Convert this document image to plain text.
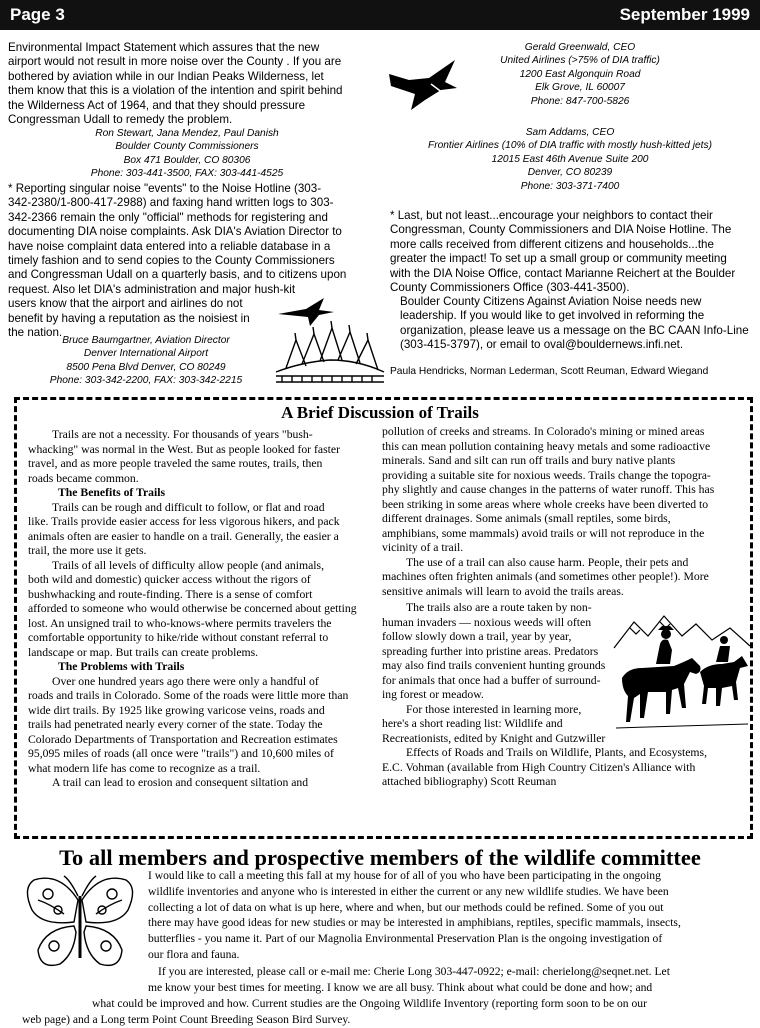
Page 3	September 1999

Environmental Impact Statement which assures that the new

airport would not result in more noise over the County . If you are

bothered by aviation while in our Indian Peaks Wilderness, let

them know that this is a violation of the intention and spirit behind

the Wilderness Act of 1964, and that they should pressure

Congressman Udall to remedy the problem.

Ron Stewart, Jana Mendez, Paul Danish

Boulder County Commissioners

Box 471 Boulder, CO 80306

Phone: 303-441-3500, FAX: 303-441-4525

* Reporting singular noise "events" to the Noise Hotline (303-

342-2380/1-800-417-2988) and faxing hand written logs to 303-

342-2366 remain the only "official" methods for registering and

documenting DIA noise complaints. Ask DIA's Aviation Director to

have noise complaint data entered into a reliable database in a

timely fashion and to send copies to the County Commissioners

and Congressman Udall on a quarterly basis, and to citizens upon

request. Also let DIA's administration and major hush-kit

users know that the airport and airlines do not

benefit by having a reputation as the noisiest in

the nation.

Bruce Baumgartner, Aviation Director

Denver International Airport

8500 Pena Blvd Denver, CO 80249

Phone: 303-342-2200, FAX: 303-342-2215

Gerald Greenwald, CEO

United Airlines (>75% of DIA traffic)

1200 East Algonquin Road

Elk Grove, IL 60007

Phone: 847-700-5826

Sam Addams, CEO

Frontier Airlines (10% of DIA traffic with mostly hush-kitted jets)

12015 East 46th Avenue Suite 200

Denver, CO 80239

Phone: 303-371-7400

* Last, but not least...encourage your neighbors to contact their

Congressman, County Commissioners and DIA Noise Hotline. The

more calls received from different citizens and households...the

greater the impact! To set up a small group or community meeting

with the DIA Noise Office, contact Marianne Reichert at the Boulder

County Commissioners Office (303-441-3500).

Boulder County Citizens Against Aviation Noise needs new

leadership. If you would like to get involved in reforming the

organization, please leave us a message on the BC CAAN Info-Line

(303-415-3797), or email to oval@bouldernews.infi.net.

Paula Hendricks, Norman Lederman, Scott Reuman, Edward Wiegand

A Brief Discussion of Trails

Trails are not a necessity. For thousands of years "bush-

whacking" was normal in the West. But as people looked for faster

travel, and as more people traveled the same routes, trails, then

roads became common.

The Benefits of Trails

Trails can be rough and difficult to follow, or flat and road

like. Trails provide easier access for less vigorous hikers, and pack

animals often are easier to handle on a trail. Generally, the easier a

trail, the more use it gets.

Trails of all levels of difficulty allow people (and animals,

both wild and domestic) quicker access without the rigors of

bushwhacking and route-finding. There is a sense of comfort

afforded to someone who would otherwise be concerned about getting

lost. An unsigned trail to who-knows-where permits travelers the

comfortable opportunity to hike/ride without constant referral to

landscape or map. But trails can create problems.

The Problems with Trails

Over one hundred years ago there were only a handful of

roads and trails in Colorado. Some of the roads were little more than

wide dirt trails. By 1925 like growing varicose veins, roads and

trails had penetrated nearly every corner of the state. Today the

Colorado Departments of Transportation and Recreation estimates

95,095 miles of roads (all once were "trails") and 10,600 miles of

what modern life has come to recognize as a trail.

A trail can lead to erosion and consequent siltation and

pollution of creeks and streams. In Colorado's mining or mined areas

this can mean pollution containing heavy metals and some radioactive

minerals. Sand and silt can run off trails and bury native plants

providing a suitable site for noxious weeds. Trails change the topogra-

phy slightly and cause changes in the patterns of water runoff. This has

been striking in some areas where whole creeks have been diverted to

different drainages. Some animals (small reptiles, some birds,

amphibians, some mammals) avoid trails or will not reproduce in the

vicinity of a trail.

The use of a trail can also cause harm. People, their pets and

machines often frighten animals (and sometimes other people!). More

sensitive animals will learn to avoid the trails areas.

The trails also are a route taken by non-

human invaders — noxious weeds will often

follow slowly down a trail, year by year,

spreading further into pristine areas. Predators

may also find trails convenient hunting grounds

for animals that once had a buffer of surround-

ing forest or meadow.

For those interested in learning more,

here's a short reading list: Wildlife and

Recreationists, edited by Knight and Gutzwiller

Effects of Roads and Trails on Wildlife, Plants, and Ecosystems,

E.C. Vohman (available from High Country Citizen's Alliance with

attached bibliography) Scott Reuman

To all members and prospective members of the wildlife committee

I would like to call a meeting this fall at my house for of all of you who have been participating in the ongoing

wildlife inventories and anyone who is interested in either the current or any new wildlife studies. We have been

collecting a lot of data on what is up here, where and when, but our methods could be refined. Some of you out

there may have good ideas for new studies or may be interested in amphibians, reptiles, specific mammals, insects,

butterflies - you name it. Part of our Magnolia Environmental Preservation Plan is the ongoing investigation of

our flora and fauna.

If you are interested, please call or e-mail me: Cherie Long 303-447-0922; e-mail: cherielong@seqnet.net. Let

me know your best times for meeting. I know we are all busy. Think about what could be done and how; and

what could be improved and how. Current studies are the Ongoing Wildlife Inventory (reporting form soon to be on our

web page) and a Long term Point Count Breeding Season Bird Survey.
